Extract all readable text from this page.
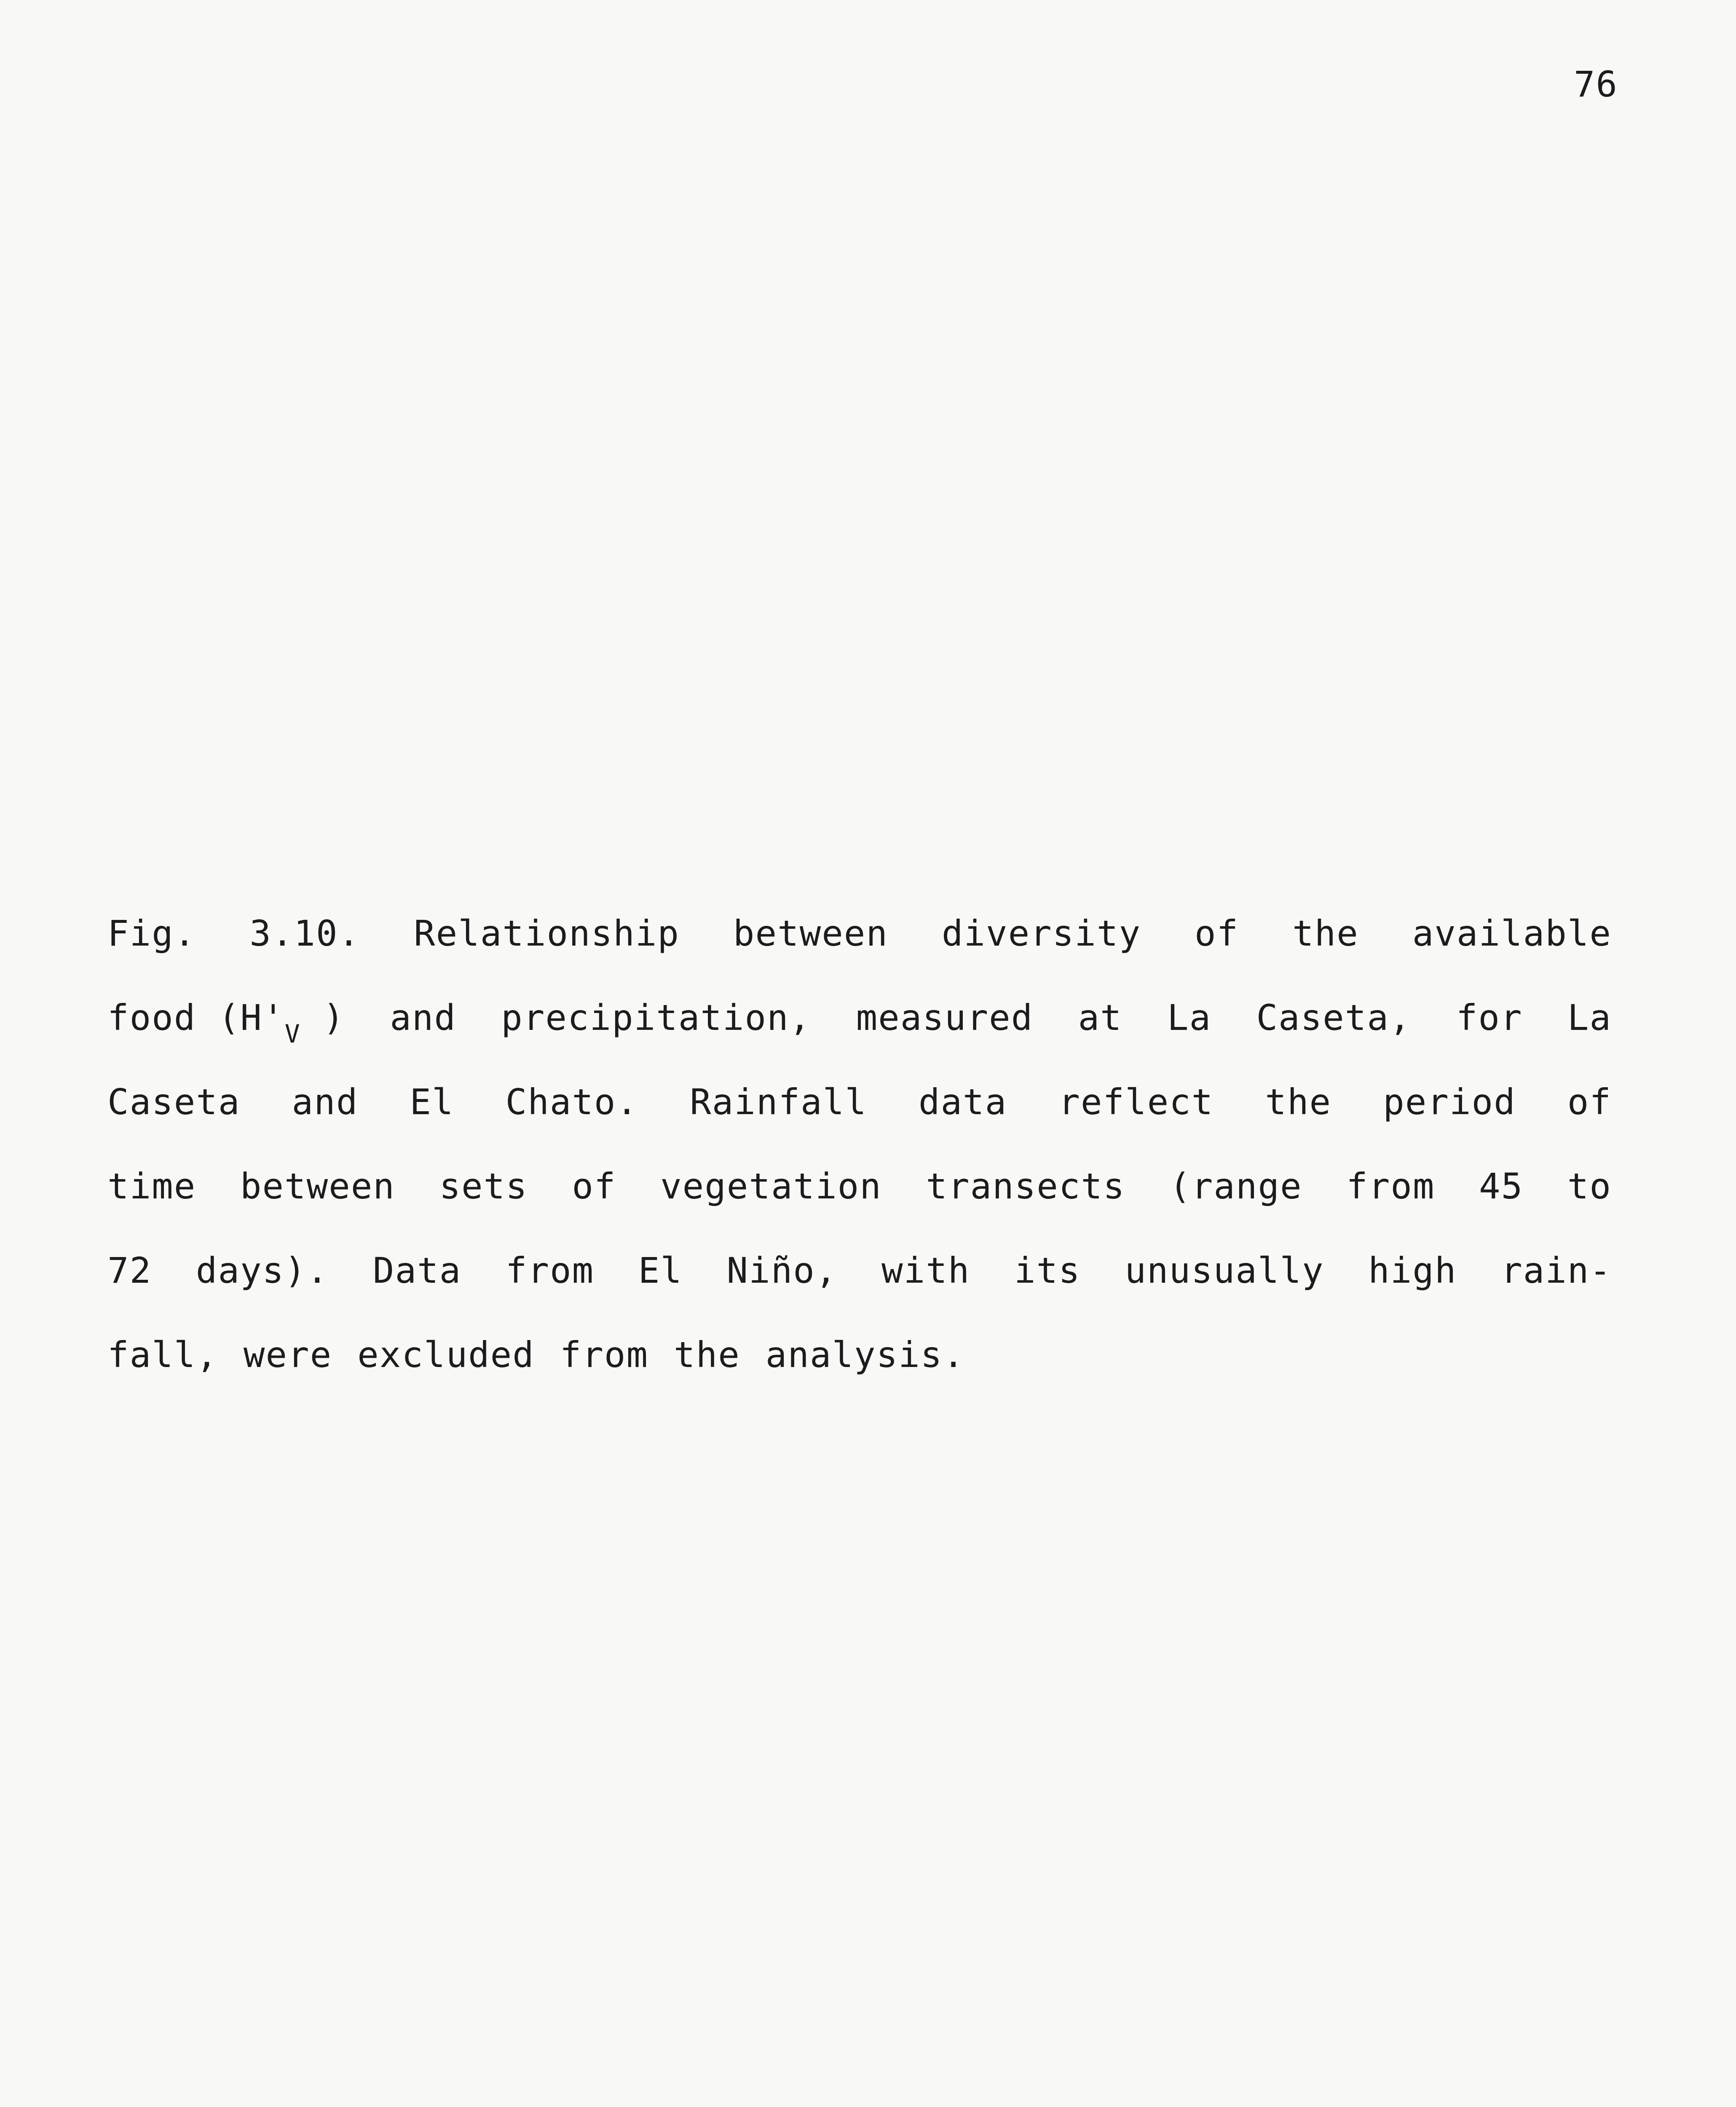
76
Fig. 3.10. Relationship between diversity of the available
food ($H'_V$ ) and precipitation, measured at La Caseta, for La
Caseta and El Chato. Rainfall data reflect the period of
time between sets of vegetation transects (range from 45 to
72 days). Data from El Niño, with its unusually high rain-
fall, were excluded from the analysis.
